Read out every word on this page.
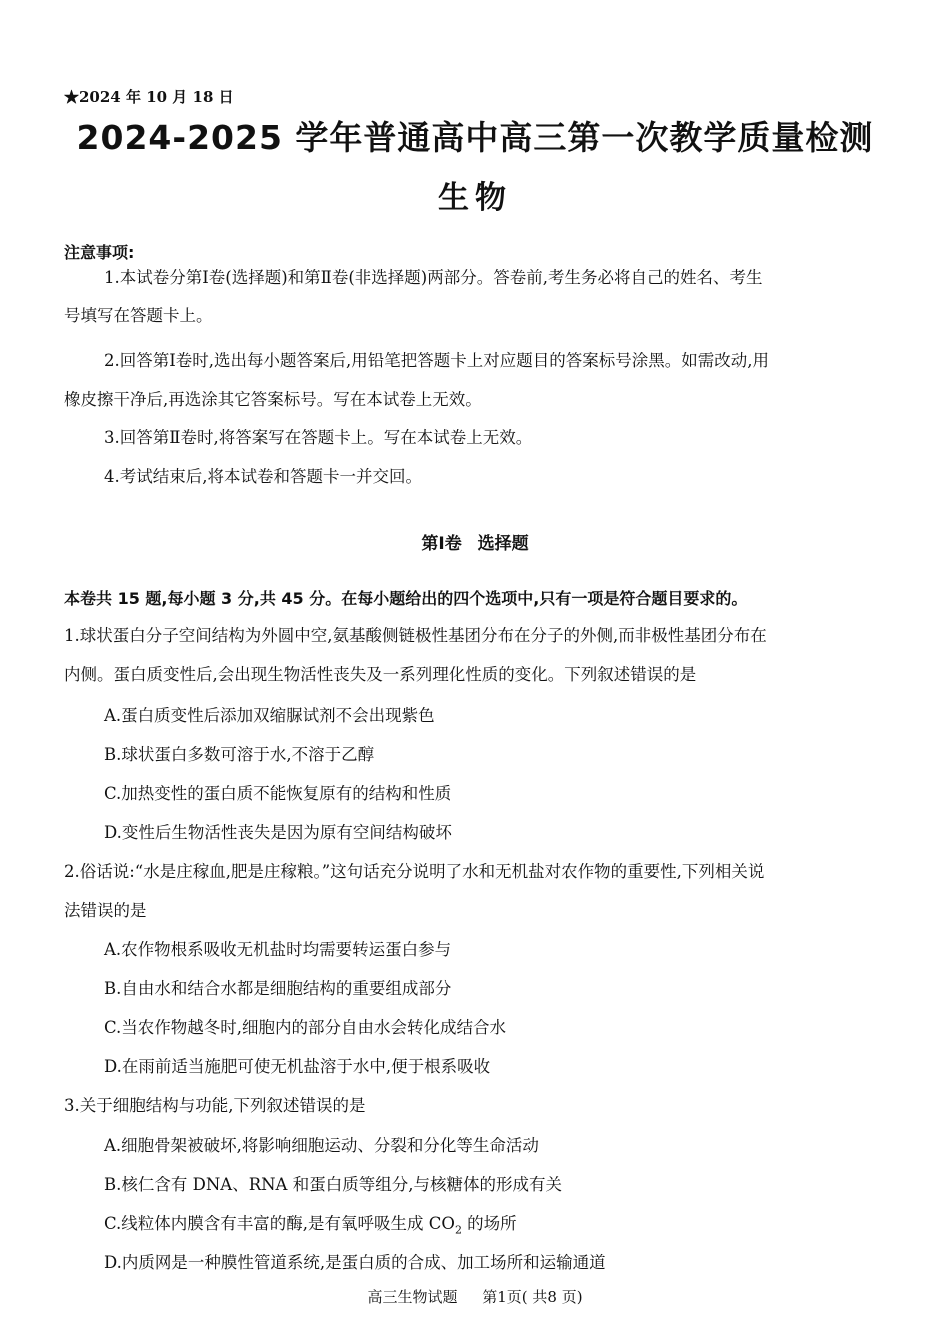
★2024 年 10 月 18 日
2024-2025 学年普通高中高三第一次教学质量检测
生物
注意事项:
1.本试卷分第Ⅰ卷(选择题)和第Ⅱ卷(非选择题)两部分。答卷前,考生务必将自己的姓名、考生
号填写在答题卡上。
2.回答第Ⅰ卷时,选出每小题答案后,用铅笔把答题卡上对应题目的答案标号涂黑。如需改动,用
橡皮擦干净后,再选涂其它答案标号。写在本试卷上无效。
3.回答第Ⅱ卷时,将答案写在答题卡上。写在本试卷上无效。
4.考试结束后,将本试卷和答题卡一并交回。
第Ⅰ卷 选择题
本卷共 15 题,每小题 3 分,共 45 分。在每小题给出的四个选项中,只有一项是符合题目要求的。
1.球状蛋白分子空间结构为外圆中空,氨基酸侧链极性基团分布在分子的外侧,而非极性基团分布在
内侧。蛋白质变性后,会出现生物活性丧失及一系列理化性质的变化。下列叙述错误的是
A.蛋白质变性后添加双缩脲试剂不会出现紫色
B.球状蛋白多数可溶于水,不溶于乙醇
C.加热变性的蛋白质不能恢复原有的结构和性质
D.变性后生物活性丧失是因为原有空间结构破坏
2.俗话说:“水是庄稼血,肥是庄稼粮。”这句话充分说明了水和无机盐对农作物的重要性,下列相关说
法错误的是
A.农作物根系吸收无机盐时均需要转运蛋白参与
B.自由水和结合水都是细胞结构的重要组成部分
C.当农作物越冬时,细胞内的部分自由水会转化成结合水
D.在雨前适当施肥可使无机盐溶于水中,便于根系吸收
3.关于细胞结构与功能,下列叙述错误的是
A.细胞骨架被破坏,将影响细胞运动、分裂和分化等生命活动
B.核仁含有 DNA、RNA 和蛋白质等组分,与核糖体的形成有关
C.线粒体内膜含有丰富的酶,是有氧呼吸生成 $CO_2$ 的场所
D.内质网是一种膜性管道系统,是蛋白质的合成、加工场所和运输通道
高三生物试题 第1页( 共8 页)
